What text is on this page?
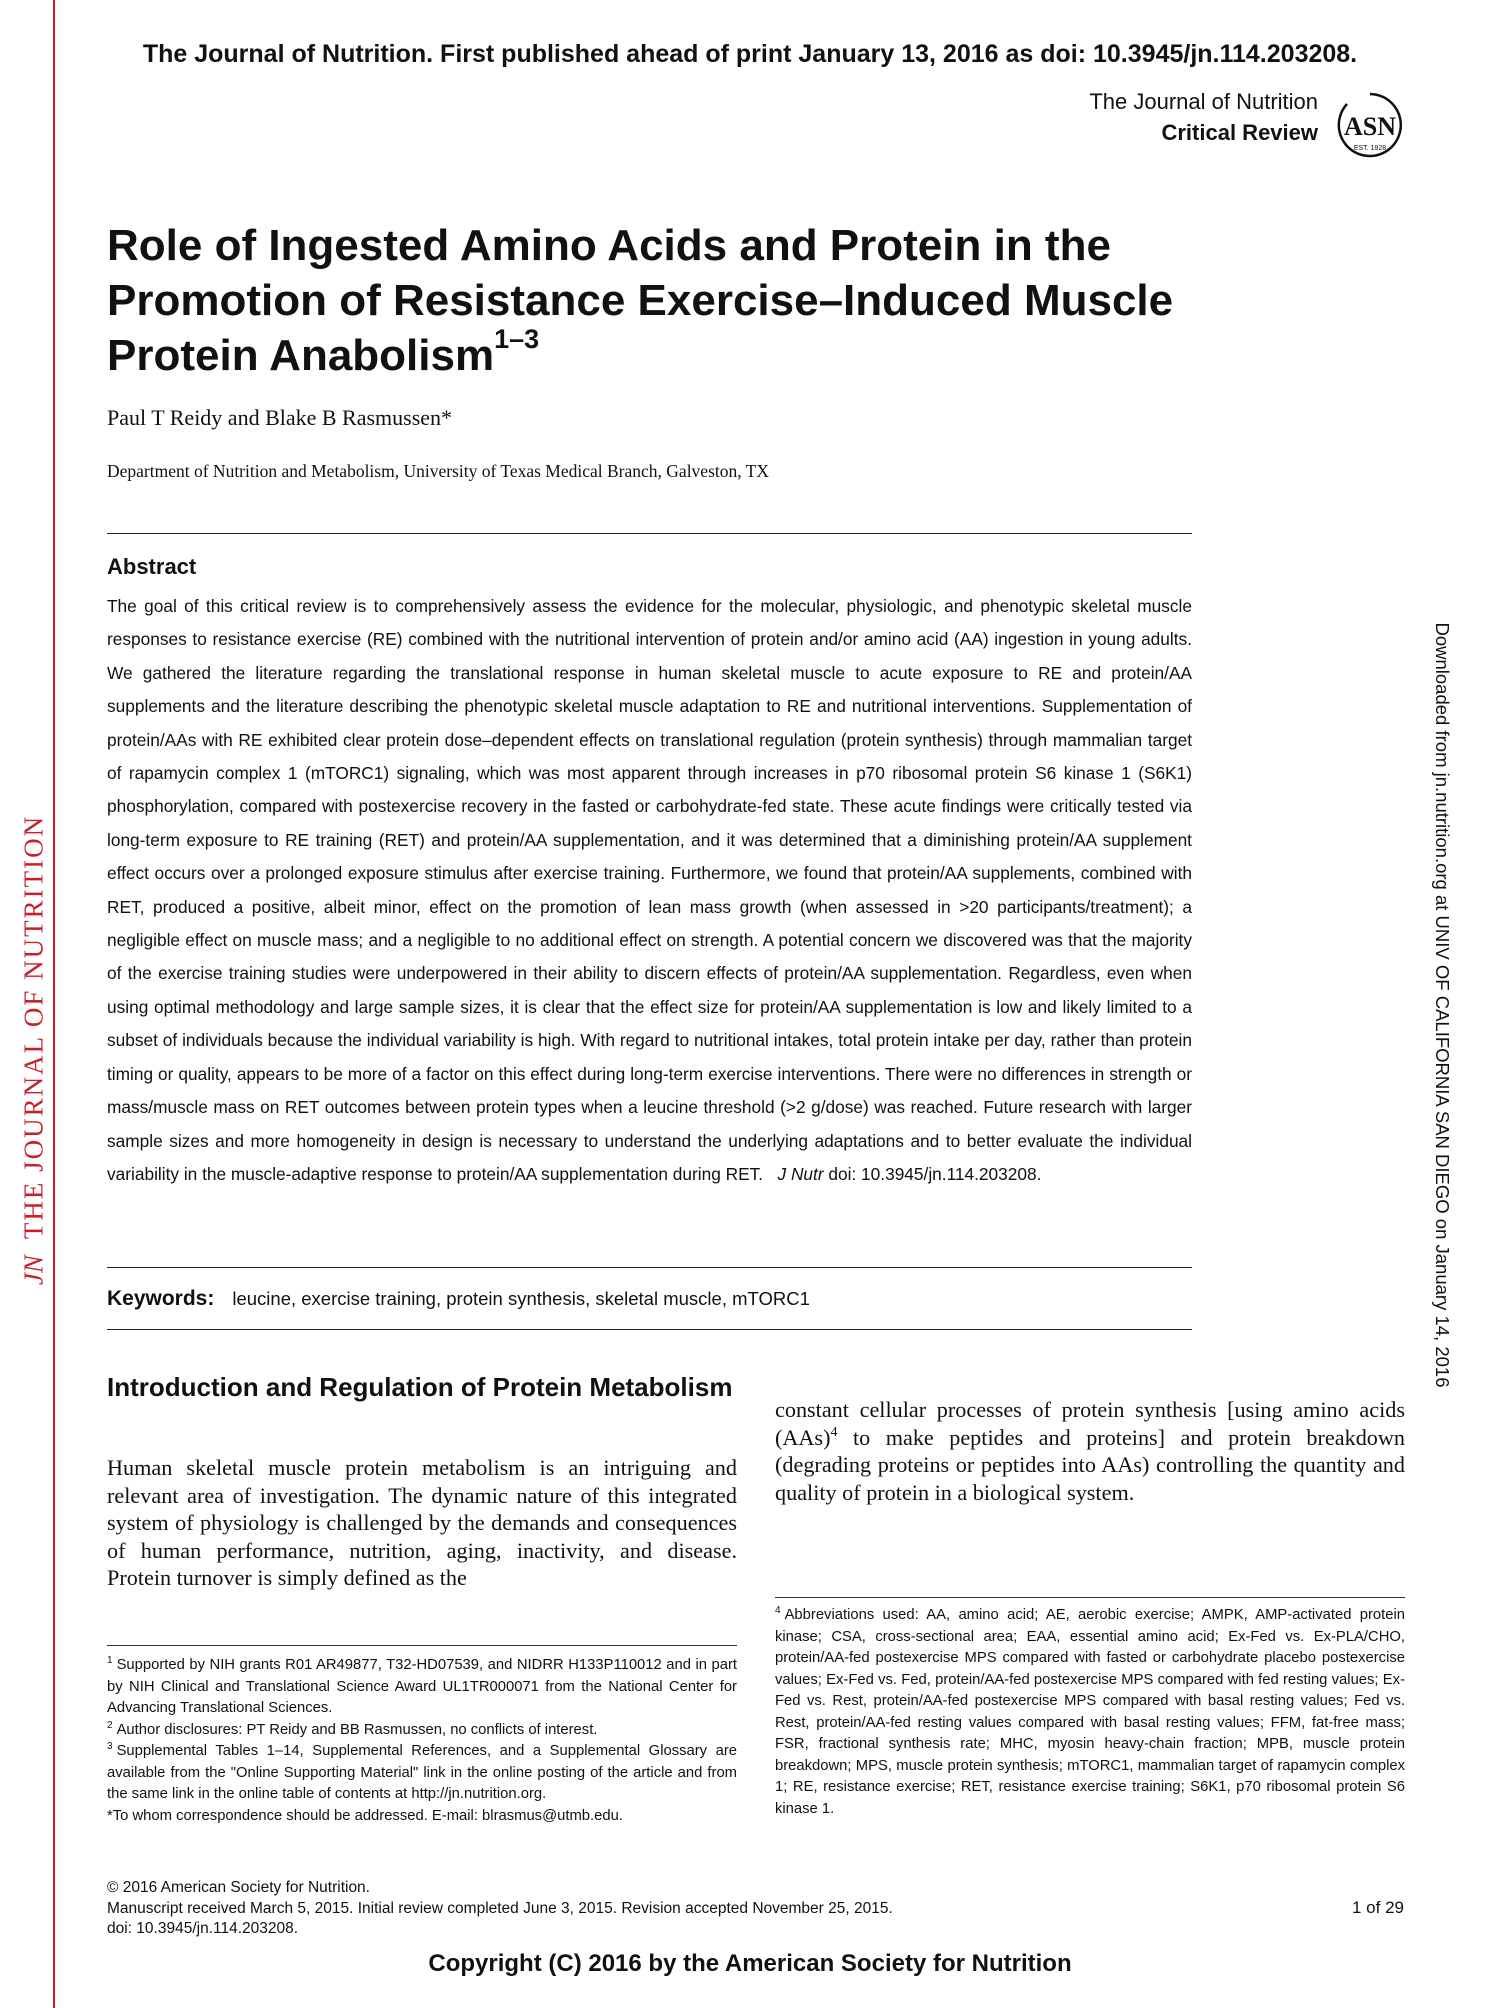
The Journal of Nutrition. First published ahead of print January 13, 2016 as doi: 10.3945/jn.114.203208.
The Journal of Nutrition
Critical Review ASN
EST. 1928
Role of Ingested Amino Acids and Protein in the Promotion of Resistance Exercise–Induced Muscle Protein Anabolism$^{1-3}$
Paul T Reidy and Blake B Rasmussen*
Department of Nutrition and Metabolism, University of Texas Medical Branch, Galveston, TX
Abstract
The goal of this critical review is to comprehensively assess the evidence for the molecular, physiologic, and phenotypic skeletal muscle responses to resistance exercise (RE) combined with the nutritional intervention of protein and/or amino acid (AA) ingestion in young adults. We gathered the literature regarding the translational response in human skeletal muscle to acute exposure to RE and protein/AA supplements and the literature describing the phenotypic skeletal muscle adaptation to RE and nutritional interventions. Supplementation of protein/AAs with RE exhibited clear protein dose–dependent effects on translational regulation (protein synthesis) through mammalian target of rapamycin complex 1 (mTORC1) signaling, which was most apparent through increases in p70 ribosomal protein S6 kinase 1 (S6K1) phosphorylation, compared with postexercise recovery in the fasted or carbohydrate-fed state. These acute findings were critically tested via long-term exposure to RE training (RET) and protein/AA supplementation, and it was determined that a diminishing protein/AA supplement effect occurs over a prolonged exposure stimulus after exercise training. Furthermore, we found that protein/AA supplements, combined with RET, produced a positive, albeit minor, effect on the promotion of lean mass growth (when assessed in >20 participants/treatment); a negligible effect on muscle mass; and a negligible to no additional effect on strength. A potential concern we discovered was that the majority of the exercise training studies were underpowered in their ability to discern effects of protein/AA supplementation. Regardless, even when using optimal methodology and large sample sizes, it is clear that the effect size for protein/AA supplementation is low and likely limited to a subset of individuals because the individual variability is high. With regard to nutritional intakes, total protein intake per day, rather than protein timing or quality, appears to be more of a factor on this effect during long-term exercise interventions. There were no differences in strength or mass/muscle mass on RET outcomes between protein types when a leucine threshold (>2 g/dose) was reached. Future research with larger sample sizes and more homogeneity in design is necessary to understand the underlying adaptations and to better evaluate the individual variability in the muscle-adaptive response to protein/AA supplementation during RET. J Nutr doi: 10.3945/jn.114.203208.
Keywords: leucine, exercise training, protein synthesis, skeletal muscle, mTORC1
Introduction and Regulation of Protein Metabolism
Human skeletal muscle protein metabolism is an intriguing and relevant area of investigation. The dynamic nature of this integrated system of physiology is challenged by the demands and consequences of human performance, nutrition, aging, inactivity, and disease. Protein turnover is simply defined as the
constant cellular processes of protein synthesis [using amino acids (AAs)$^4$ to make peptides and proteins] and protein breakdown (degrading proteins or peptides into AAs) controlling the quantity and quality of protein in a biological system.

$^1$ Supported by NIH grants R01 AR49877, T32-HD07539, and NIDRR H133P110012 and in part by NIH Clinical and Translational Science Award UL1TR000071 from the National Center for Advancing Translational Sciences.

$^2$ Author disclosures: PT Reidy and BB Rasmussen, no conflicts of interest.

$^3$ Supplemental Tables 1–14, Supplemental References, and a Supplemental Glossary are available from the "Online Supporting Material" link in the online posting of the article and from the same link in the online table of contents at http://jn.nutrition.org.

*To whom correspondence should be addressed. E-mail: blrasmus@utmb.edu.

$^4$ Abbreviations used: AA, amino acid; AE, aerobic exercise; AMPK, AMP-activated protein kinase; CSA, cross-sectional area; EAA, essential amino acid; Ex-Fed vs. Ex-PLA/CHO, protein/AA-fed postexercise MPS compared with fasted or carbohydrate placebo postexercise values; Ex-Fed vs. Fed, protein/AA-fed postexercise MPS compared with fed resting values; Ex-Fed vs. Rest, protein/AA-fed postexercise MPS compared with basal resting values; Fed vs. Rest, protein/AA-fed resting values compared with basal resting values; FFM, fat-free mass; FSR, fractional synthesis rate; MHC, myosin heavy-chain fraction; MPB, muscle protein breakdown; MPS, muscle protein synthesis; mTORC1, mammalian target of rapamycin complex 1; RE, resistance exercise; RET, resistance exercise training; S6K1, p70 ribosomal protein S6 kinase 1.

© 2016 American Society for Nutrition.
Manuscript received March 5, 2015. Initial review completed June 3, 2015. Revision accepted November 25, 2015.
doi: 10.3945/jn.114.203208.
1 of 29
Copyright (C) 2016 by the American Society for Nutrition
JNTHE JOURNAL OF NUTRITION	Downloaded from jn.nutrition.org at UNIV OF CALIFORNIA SAN DIEGO on January 14, 2016
